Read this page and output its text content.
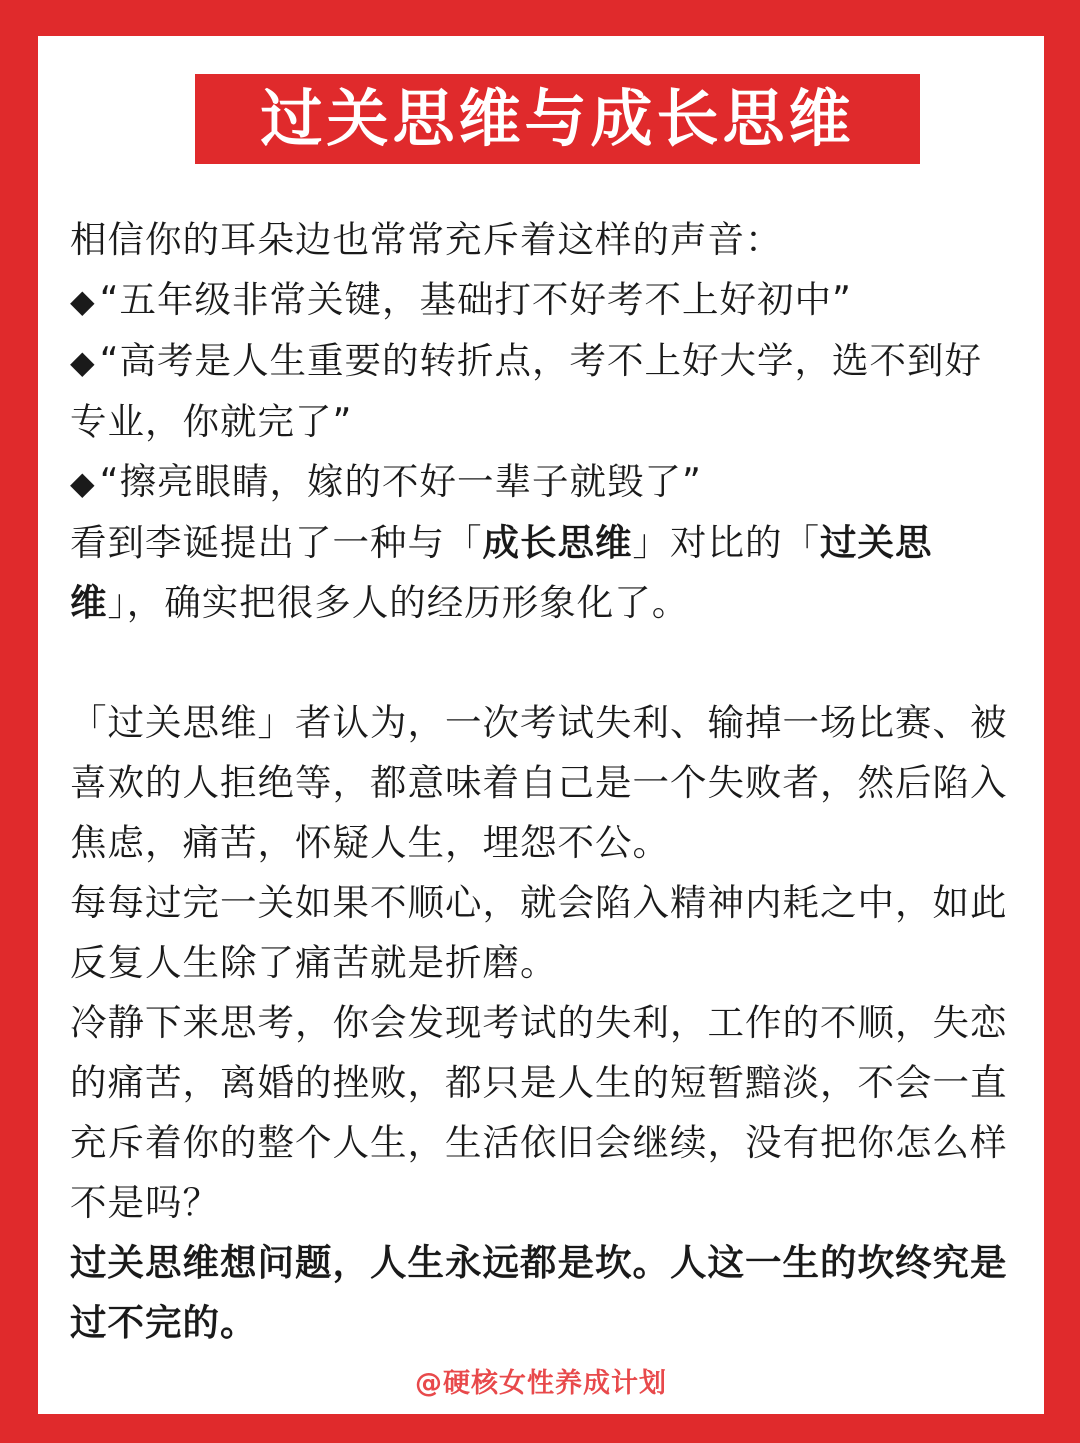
过关思维与成长思维

相信你的耳朵边也常常充斥着这样的声音：

◆ “五年级非常关键，基础打不好考不上好初中”

◆ “高考是人生重要的转折点，考不上好大学，选不到好专业，你就完了”

◆ “擦亮眼睛，嫁的不好一辈子就毁了”

看到李诞提出了一种与「成长思维」对比的「过关思维」，确实把很多人的经历形象化了。

「过关思维」者认为，一次考试失利、输掉一场比赛、被喜欢的人拒绝等，都意味着自己是一个失败者，然后陷入焦虑，痛苦，怀疑人生，埋怨不公。

每每过完一关如果不顺心，就会陷入精神内耗之中，如此反复人生除了痛苦就是折磨。

冷静下来思考，你会发现考试的失利，工作的不顺，失恋的痛苦，离婚的挫败，都只是人生的短暂黯淡，不会一直充斥着你的整个人生，生活依旧会继续，没有把你怎么样不是吗？

过关思维想问题，人生永远都是坎。人这一生的坎终究是过不完的。

@硬核女性养成计划
